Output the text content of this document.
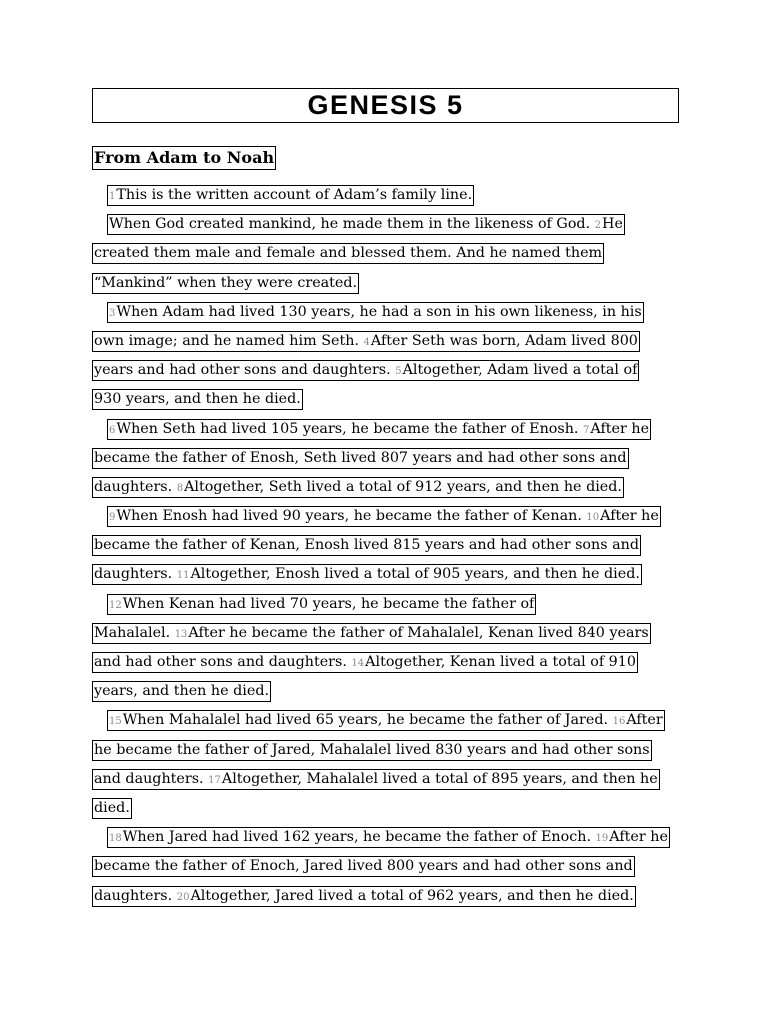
GENESIS 5
From Adam to Noah
1This is the written account of Adam’s family line.
When God created mankind, he made them in the likeness of God. 2He
created them male and female and blessed them. And he named them
“Mankind” when they were created.
3When Adam had lived 130 years, he had a son in his own likeness, in his
own image; and he named him Seth. 4After Seth was born, Adam lived 800
years and had other sons and daughters. 5Altogether, Adam lived a total of
930 years, and then he died.
6When Seth had lived 105 years, he became the father of Enosh. 7After he
became the father of Enosh, Seth lived 807 years and had other sons and
daughters. 8Altogether, Seth lived a total of 912 years, and then he died.
9When Enosh had lived 90 years, he became the father of Kenan. 10After he
became the father of Kenan, Enosh lived 815 years and had other sons and
daughters. 11Altogether, Enosh lived a total of 905 years, and then he died.
12When Kenan had lived 70 years, he became the father of
Mahalalel. 13After he became the father of Mahalalel, Kenan lived 840 years
and had other sons and daughters. 14Altogether, Kenan lived a total of 910
years, and then he died.
15When Mahalalel had lived 65 years, he became the father of Jared. 16After
he became the father of Jared, Mahalalel lived 830 years and had other sons
and daughters. 17Altogether, Mahalalel lived a total of 895 years, and then he
died.
18When Jared had lived 162 years, he became the father of Enoch. 19After he
became the father of Enoch, Jared lived 800 years and had other sons and
daughters. 20Altogether, Jared lived a total of 962 years, and then he died.
